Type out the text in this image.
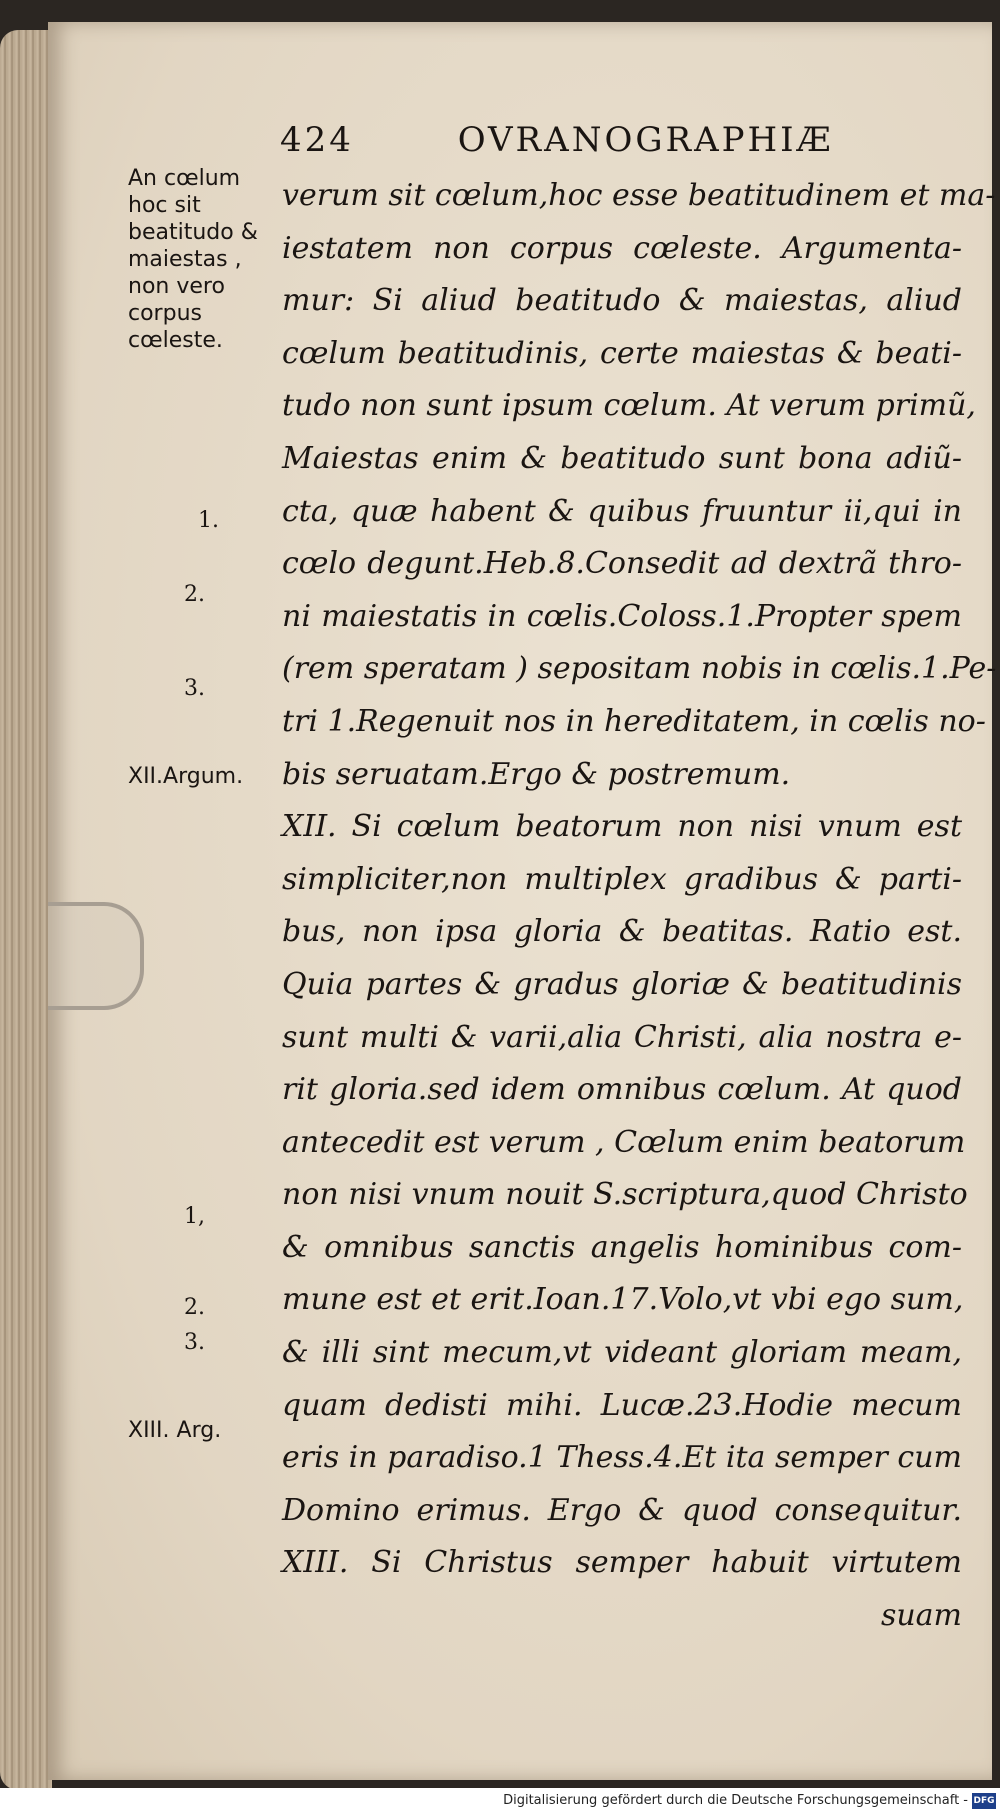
424	OVRANOGRAPHIÆ
An cœlum hoc sit beatitudo & maiestas , non vero corpus cœleste.
XII.Argum.
XIII. Arg.
1.
2.
3.
1,
2.
3.
verum sit cœlum,hoc esse beatitudinem et ma-
iestatem non corpus cœleste. Argumenta-
mur: Si aliud beatitudo & maiestas, aliud
cœlum beatitudinis, certe maiestas & beati-
tudo non sunt ipsum cœlum. At verum primũ,
Maiestas enim & beatitudo sunt bona adiũ-
cta, quæ habent & quibus fruuntur ii,qui in
cœlo degunt.Heb.8.Consedit ad dextrã thro-
ni maiestatis in cœlis.Coloss.1.Propter spem
(rem speratam ) sepositam nobis in cœlis.1.Pe-
tri 1.Regenuit nos in hereditatem, in cœlis no-
bis seruatam.Ergo & postremum.
XII. Si cœlum beatorum non nisi vnum est
simpliciter,non multiplex gradibus & parti-
bus, non ipsa gloria & beatitas. Ratio est.
Quia partes & gradus gloriæ & beatitudinis
sunt multi & varii,alia Christi, alia nostra e-
rit gloria.sed idem omnibus cœlum. At quod
antecedit est verum , Cœlum enim beatorum
non nisi vnum nouit S.scriptura,quod Christo
& omnibus sanctis angelis hominibus com-
mune est et erit.Ioan.17.Volo,vt vbi ego sum,
& illi sint mecum,vt videant gloriam meam,
quam dedisti mihi. Lucæ.23.Hodie mecum
eris in paradiso.1 Thess.4.Et ita semper cum
Domino erimus. Ergo & quod consequitur.
XIII. Si Christus semper habuit virtutem
suam
Digitalisierung gefördert durch die Deutsche Forschungsgemeinschaft - DFG
